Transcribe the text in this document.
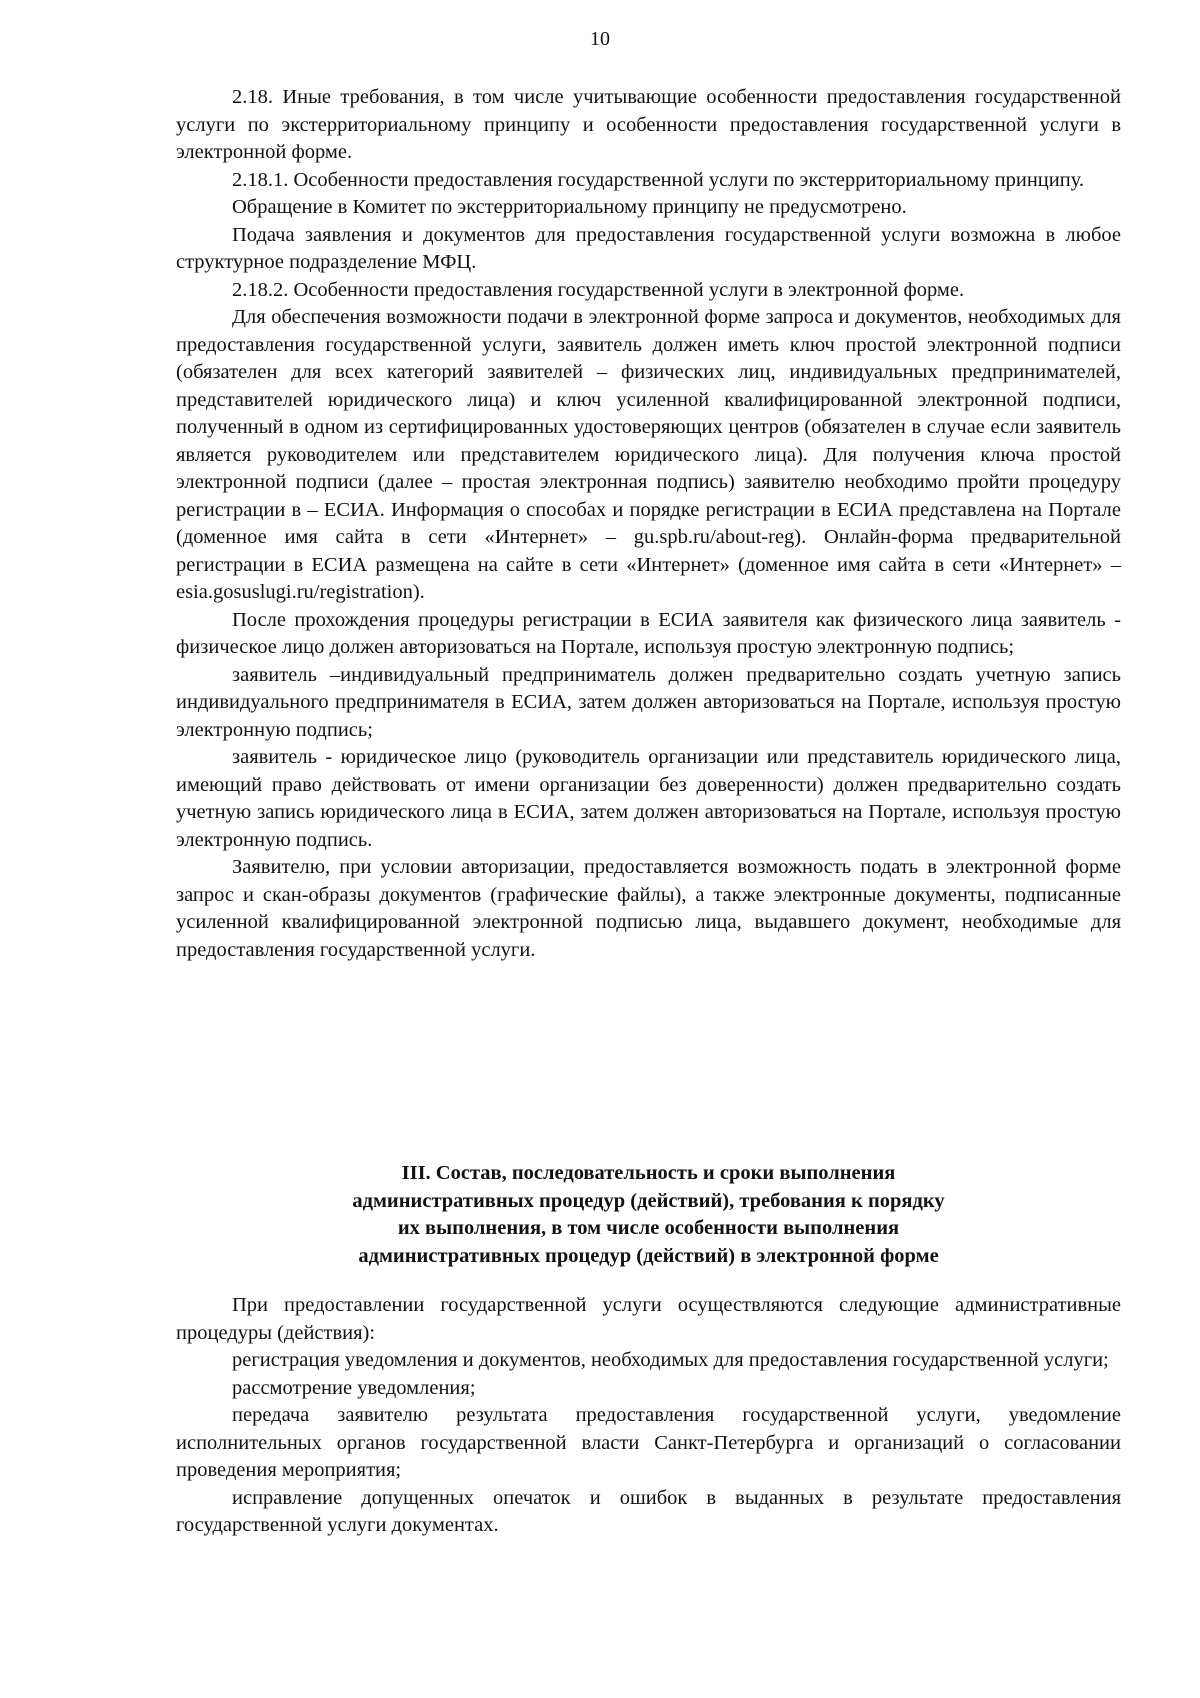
10

2.18. Иные требования, в том числе учитывающие особенности предоставления государственной услуги по экстерриториальному принципу и особенности предоставления государственной услуги в электронной форме.

2.18.1. Особенности предоставления государственной услуги по экстерриториальному принципу.

Обращение в Комитет по экстерриториальному принципу не предусмотрено.

Подача заявления и документов для предоставления государственной услуги возможна в любое структурное подразделение МФЦ.

2.18.2. Особенности предоставления государственной услуги в электронной форме.

Для обеспечения возможности подачи в электронной форме запроса и документов, необходимых для предоставления государственной услуги, заявитель должен иметь ключ простой электронной подписи (обязателен для всех категорий заявителей – физических лиц, индивидуальных предпринимателей, представителей юридического лица) и ключ усиленной квалифицированной электронной подписи, полученный в одном из сертифицированных удостоверяющих центров (обязателен в случае если заявитель является руководителем или представителем юридического лица). Для получения ключа простой электронной подписи (далее – простая электронная подпись) заявителю необходимо пройти процедуру регистрации в – ЕСИА. Информация о способах и порядке регистрации в ЕСИА представлена на Портале (доменное имя сайта в сети «Интернет» – gu.spb.ru/about-reg). Онлайн-форма предварительной регистрации в ЕСИА размещена на сайте в сети «Интернет» (доменное имя сайта в сети «Интернет» – esia.gosuslugi.ru/registration).

После прохождения процедуры регистрации в ЕСИА заявителя как физического лица заявитель - физическое лицо должен авторизоваться на Портале, используя простую электронную подпись;

заявитель –индивидуальный предприниматель должен предварительно создать учетную запись индивидуального предпринимателя в ЕСИА, затем должен авторизоваться на Портале, используя простую электронную подпись;

заявитель - юридическое лицо (руководитель организации или представитель юридического лица, имеющий право действовать от имени организации без доверенности) должен предварительно создать учетную запись юридического лица в ЕСИА, затем должен авторизоваться на Портале, используя простую электронную подпись.

Заявителю, при условии авторизации, предоставляется возможность подать в электронной форме запрос и скан-образы документов (графические файлы), а также электронные документы, подписанные усиленной квалифицированной электронной подписью лица, выдавшего документ, необходимые для предоставления государственной услуги.

III. Состав, последовательность и сроки выполнения
административных процедур (действий), требования к порядку
их выполнения, в том числе особенности выполнения
административных процедур (действий) в электронной форме

При предоставлении государственной услуги осуществляются следующие административные процедуры (действия):

регистрация уведомления и документов, необходимых для предоставления государственной услуги;

рассмотрение уведомления;

передача заявителю результата предоставления государственной услуги, уведомление исполнительных органов государственной власти Санкт-Петербурга и организаций о согласовании проведения мероприятия;

исправление допущенных опечаток и ошибок в выданных в результате предоставления государственной услуги документах.
